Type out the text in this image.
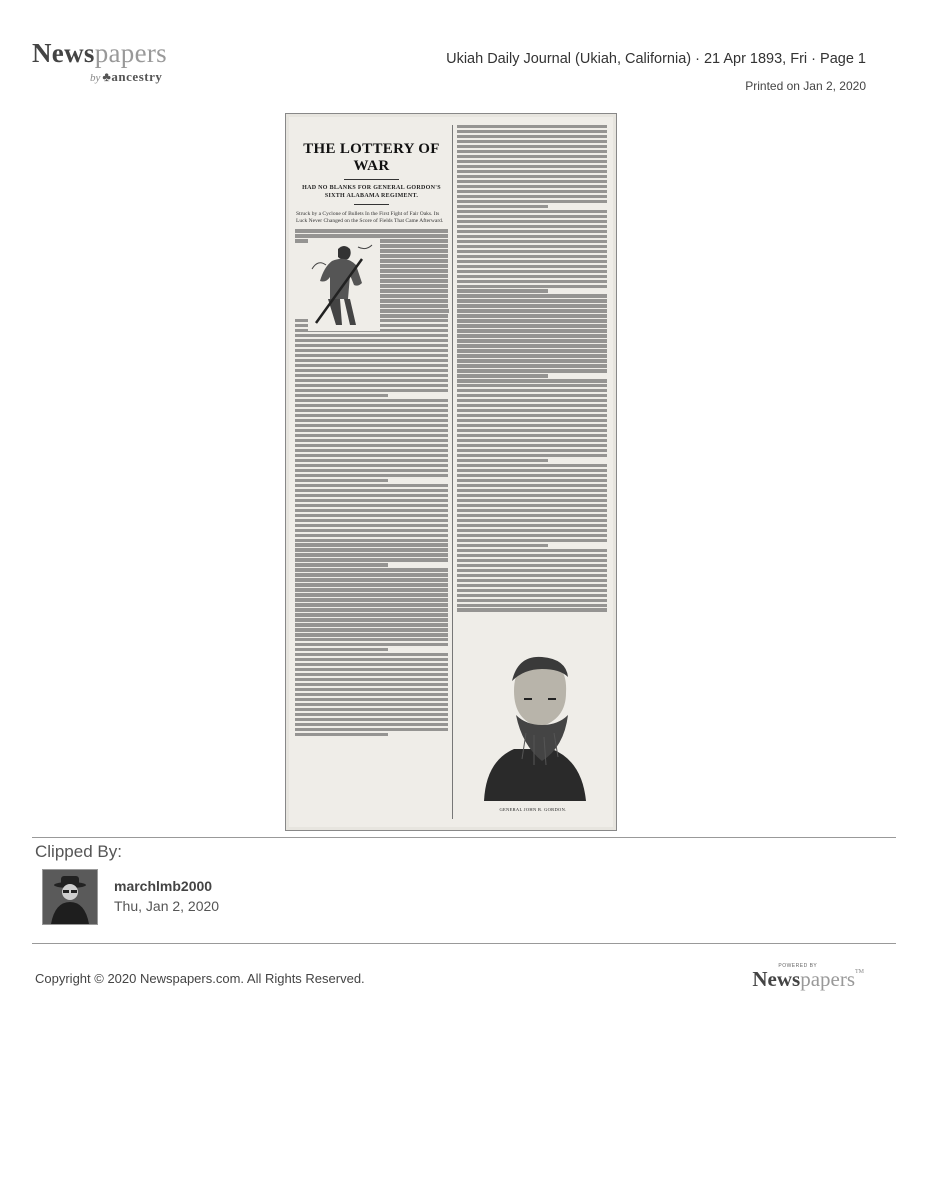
Newspapers
by ♣ancestry
Ukiah Daily Journal (Ukiah, California) · 21 Apr 1893, Fri · Page 1
Printed on Jan 2, 2020
THE LOTTERY OF WAR
HAD NO BLANKS FOR GENERAL GORDON'S SIXTH ALABAMA REGIMENT.
Struck by a Cyclone of Bullets In the First Fight of Fair Oaks. Its Luck Never Changed on the Score of Fields That Came Afterward.
GENERAL JOHN B. GORDON.
Clipped By:
marchlmb2000
Thu, Jan 2, 2020
Copyright © 2020 Newspapers.com. All Rights Reserved.
POWERED BY
Newspapers™
